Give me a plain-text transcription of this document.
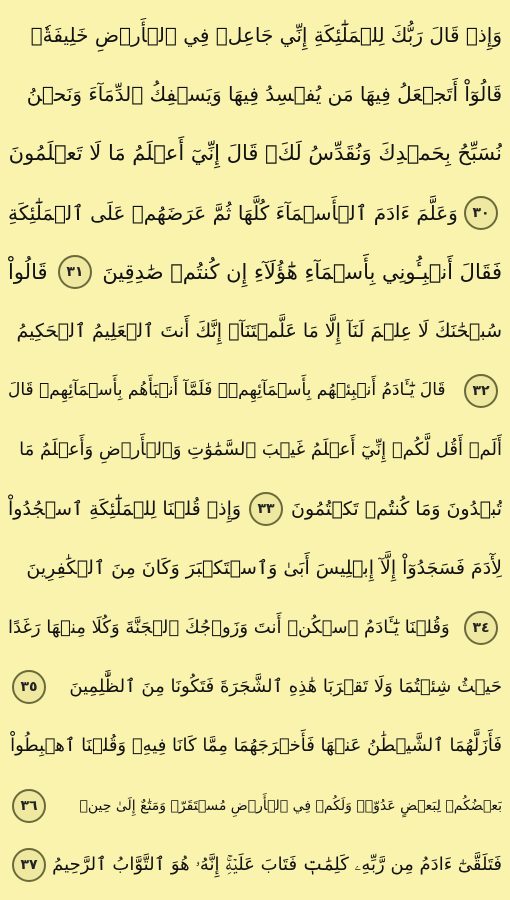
وَإِذۡ قَالَ رَبُّكَ لِلۡمَلَٰٓئِكَةِ إِنِّي جَاعِلٞ فِي ٱلۡأَرۡضِ خَلِيفَةٗۖ
قَالُوٓاْ أَتَجۡعَلُ فِيهَا مَن يُفۡسِدُ فِيهَا وَيَسۡفِكُ ٱلدِّمَآءَ وَنَحۡنُ
نُسَبِّحُ بِحَمۡدِكَ وَنُقَدِّسُ لَكَۖ قَالَ إِنِّيٓ أَعۡلَمُ مَا لَا تَعۡلَمُونَ
٣٠
وَعَلَّمَ ءَادَمَ ٱلۡأَسۡمَآءَ كُلَّهَا ثُمَّ عَرَضَهُمۡ عَلَى ٱلۡمَلَٰٓئِكَةِ
فَقَالَ أَنۢبِـُٔونِي بِأَسۡمَآءِ هَٰٓؤُلَآءِ إِن كُنتُمۡ صَٰدِقِينَ
٣١
قَالُواْ
سُبۡحَٰنَكَ لَا عِلۡمَ لَنَآ إِلَّا مَا عَلَّمۡتَنَآۖ إِنَّكَ أَنتَ ٱلۡعَلِيمُ ٱلۡحَكِيمُ
٣٢
قَالَ يَٰٓـَٔادَمُ أَنۢبِئۡهُم بِأَسۡمَآئِهِمۡۖ فَلَمَّآ أَنۢبَأَهُم بِأَسۡمَآئِهِمۡ قَالَ
أَلَمۡ أَقُل لَّكُمۡ إِنِّيٓ أَعۡلَمُ غَيۡبَ ٱلسَّمَٰوَٰتِ وَٱلۡأَرۡضِ وَأَعۡلَمُ مَا
تُبۡدُونَ وَمَا كُنتُمۡ تَكۡتُمُونَ
٣٣
وَإِذۡ قُلۡنَا لِلۡمَلَٰٓئِكَةِ ٱسۡجُدُواْ
لِأٓدَمَ فَسَجَدُوٓاْ إِلَّآ إِبۡلِيسَ أَبَىٰ وَٱسۡتَكۡبَرَ وَكَانَ مِنَ ٱلۡكَٰفِرِينَ
٣٤
وَقُلۡنَا يَٰٓـَٔادَمُ ٱسۡكُنۡ أَنتَ وَزَوۡجُكَ ٱلۡجَنَّةَ وَكُلَا مِنۡهَا رَغَدًا
حَيۡثُ شِئۡتُمَا وَلَا تَقۡرَبَا هَٰذِهِ ٱلشَّجَرَةَ فَتَكُونَا مِنَ ٱلظَّٰلِمِينَ
٣٥
فَأَزَلَّهُمَا ٱلشَّيۡطَٰنُ عَنۡهَا فَأَخۡرَجَهُمَا مِمَّا كَانَا فِيهِۖ وَقُلۡنَا ٱهۡبِطُواْ
بَعۡضُكُمۡ لِبَعۡضٍ عَدُوّٞۖ وَلَكُمۡ فِي ٱلۡأَرۡضِ مُسۡتَقَرّٞ وَمَتَٰعٌ إِلَىٰ حِينٖ
٣٦
فَتَلَقَّىٰٓ ءَادَمُ مِن رَّبِّهِۦ كَلِمَٰتٖ فَتَابَ عَلَيۡهِۚ إِنَّهُۥ هُوَ ٱلتَّوَّابُ ٱلرَّحِيمُ
٣٧
